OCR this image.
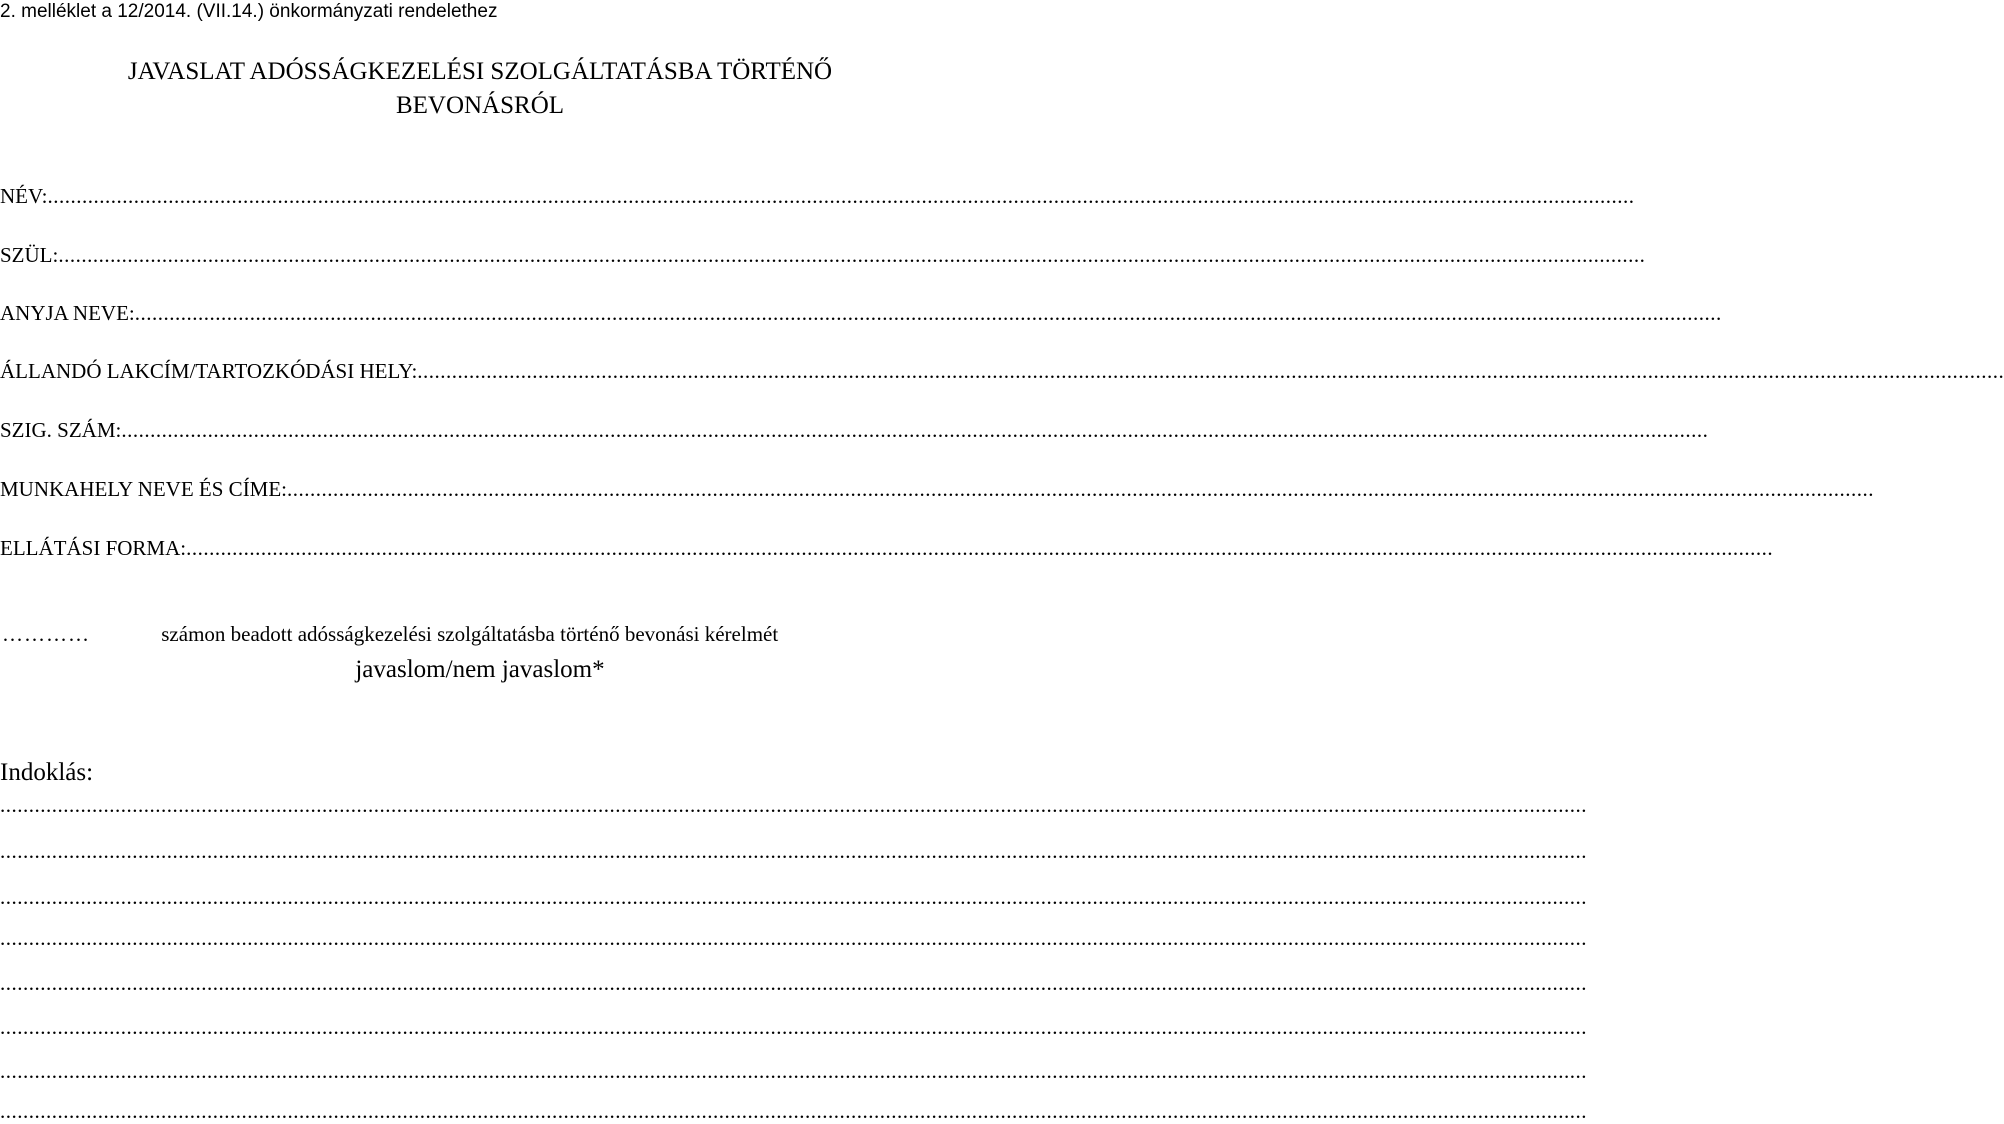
2. melléklet a 12/2014. (VII.14.) önkormányzati rendelethez
JAVASLAT ADÓSSÁGKEZELÉSI SZOLGÁLTATÁSBA TÖRTÉNŐ
BEVONÁSRÓL
NÉV: ....................................................................................................................................................................................................................................................................................
SZÜL: ....................................................................................................................................................................................................................................................................................
ANYJA NEVE: ....................................................................................................................................................................................................................................................................................
ÁLLANDÓ LAKCÍM/TARTOZKÓDÁSI HELY: ....................................................................................................................................................................................................................................................................................
SZIG. SZÁM: ....................................................................................................................................................................................................................................................................................
MUNKAHELY NEVE ÉS CÍME: ....................................................................................................................................................................................................................................................................................
ELLÁTÁSI FORMA: ....................................................................................................................................................................................................................................................................................
…………	számon beadott adósságkezelési szolgáltatásba történő bevonási kérelmét
javaslom/nem javaslom*
Indoklás:
....................................................................................................................................................................................................................................................................................
....................................................................................................................................................................................................................................................................................
....................................................................................................................................................................................................................................................................................
....................................................................................................................................................................................................................................................................................
....................................................................................................................................................................................................................................................................................
....................................................................................................................................................................................................................................................................................
....................................................................................................................................................................................................................................................................................
....................................................................................................................................................................................................................................................................................
